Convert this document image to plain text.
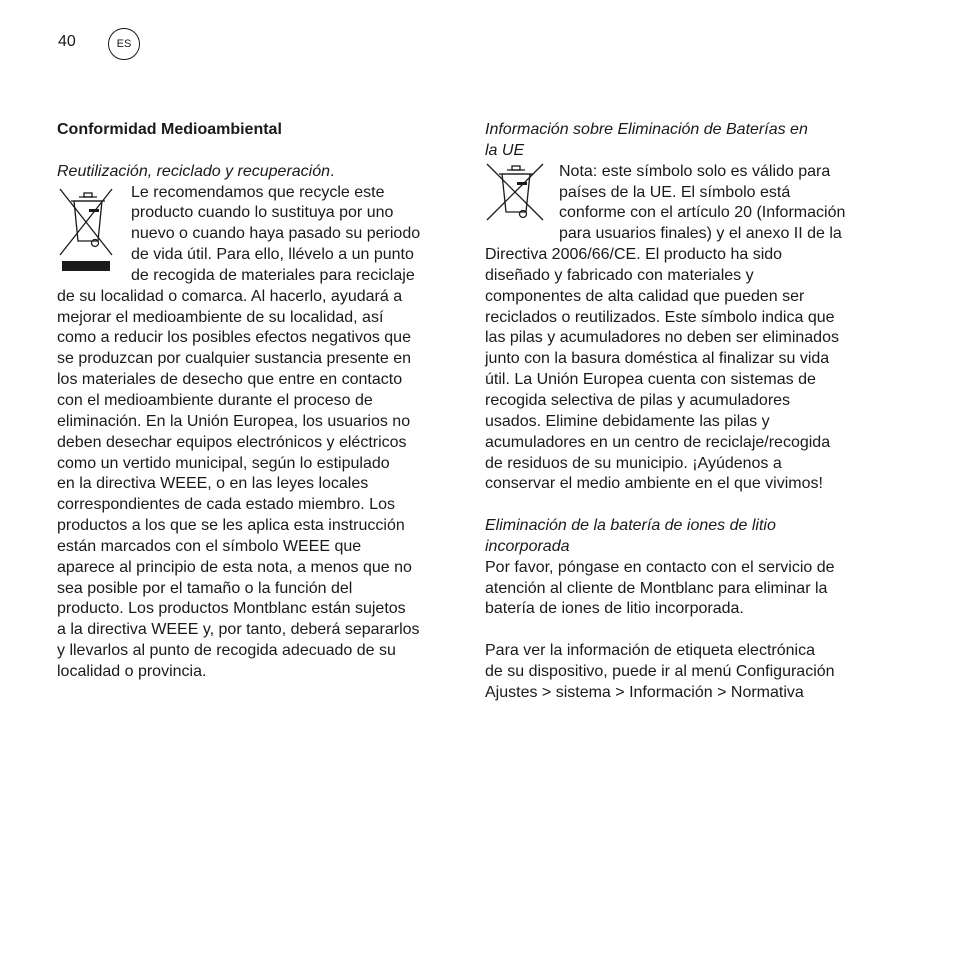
40	ES

Conformidad Medioambiental

Reutilización, reciclado y recuperación.

Le recomendamos que recycle este
producto cuando lo sustituya por uno
nuevo o cuando haya pasado su periodo
de vida útil. Para ello, llévelo a un punto
de recogida de materiales para reciclaje

de su localidad o comarca. Al hacerlo, ayudará a
mejorar el medioambiente de su localidad, así
como a reducir los posibles efectos negativos que
se produzcan por cualquier sustancia presente en
los materiales de desecho que entre en contacto
con el medioambiente durante el proceso de
eliminación. En la Unión Europea, los usuarios no
deben desechar equipos electrónicos y eléctricos
como un vertido municipal, según lo estipulado
en la directiva WEEE, o en las leyes locales
correspondientes de cada estado miembro. Los
productos a los que se les aplica esta instrucción
están marcados con el símbolo WEEE que
aparece al principio de esta nota, a menos que no
sea posible por el tamaño o la función del
producto. Los productos Montblanc están sujetos
a la directiva WEEE y, por tanto, deberá separarlos
y llevarlos al punto de recogida adecuado de su
localidad o provincia.

Información sobre Eliminación de Baterías en
la UE

Nota: este símbolo solo es válido para
países de la UE. El símbolo está
conforme con el artículo 20 (Información
para usuarios finales) y el anexo II de la

Directiva 2006/66/CE. El producto ha sido
diseñado y fabricado con materiales y
componentes de alta calidad que pueden ser
reciclados o reutilizados. Este símbolo indica que
las pilas y acumuladores no deben ser eliminados
junto con la basura doméstica al finalizar su vida
útil. La Unión Europea cuenta con sistemas de
recogida selectiva de pilas y acumuladores
usados. Elimine debidamente las pilas y
acumuladores en un centro de reciclaje/recogida
de residuos de su municipio. ¡Ayúdenos a
conservar el medio ambiente en el que vivimos!

Eliminación de la batería de iones de litio
incorporada

Por favor, póngase en contacto con el servicio de
atención al cliente de Montblanc para eliminar la
batería de iones de litio incorporada.

Para ver la información de etiqueta electrónica
de su dispositivo, puede ir al menú Configuración
Ajustes > sistema > Información > Normativa
